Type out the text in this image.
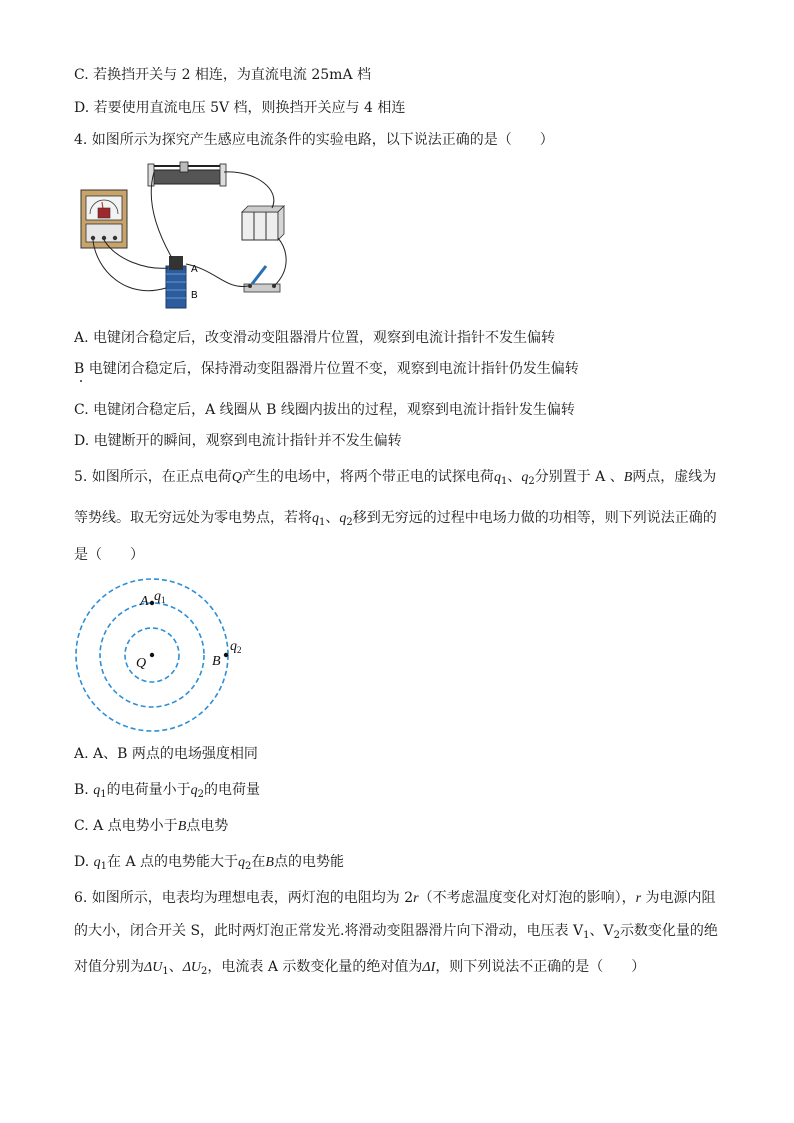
C. 若换挡开关与 2 相连，为直流电流 25mA 档
D. 若要使用直流电压 5V 档，则换挡开关应与 4 相连
4. 如图所示为探究产生感应电流条件的实验电路，以下说法正确的是（　　）
A
B
A. 电键闭合稳定后，改变滑动变阻器滑片位置，观察到电流计指针不发生偏转
B 电键闭合稳定后，保持滑动变阻器滑片位置不变，观察到电流计指针仍发生偏转
C. 电键闭合稳定后，A 线圈从 B 线圈内拔出的过程，观察到电流计指针发生偏转
D. 电键断开的瞬间，观察到电流计指针并不发生偏转
5. 如图所示，在正点电荷Q产生的电场中，将两个带正电的试探电荷$q_1$、$q_2$分别置于 A 、B两点，虚线为
等势线。取无穷远处为零电势点，若将$q_1$、$q_2$移到无穷远的过程中电场力做的功相等，则下列说法正确的
是（　　）
Q
A q 1
B
q 2
A. A、B 两点的电场强度相同
B. $q_1$的电荷量小于$q_2$的电荷量
C. A 点电势小于B点电势
D. $q_1$在 A 点的电势能大于$q_2$在B点的电势能
6. 如图所示，电表均为理想电表，两灯泡的电阻均为 2r（不考虑温度变化对灯泡的影响），r 为电源内阻
的大小，闭合开关 S，此时两灯泡正常发光.将滑动变阻器滑片向下滑动，电压表 $V_1$、$V_2$示数变化量的绝
对值分别为$\Delta U_1$、$\Delta U_2$，电流表 A 示数变化量的绝对值为ΔI，则下列说法不正确的是（　　）
